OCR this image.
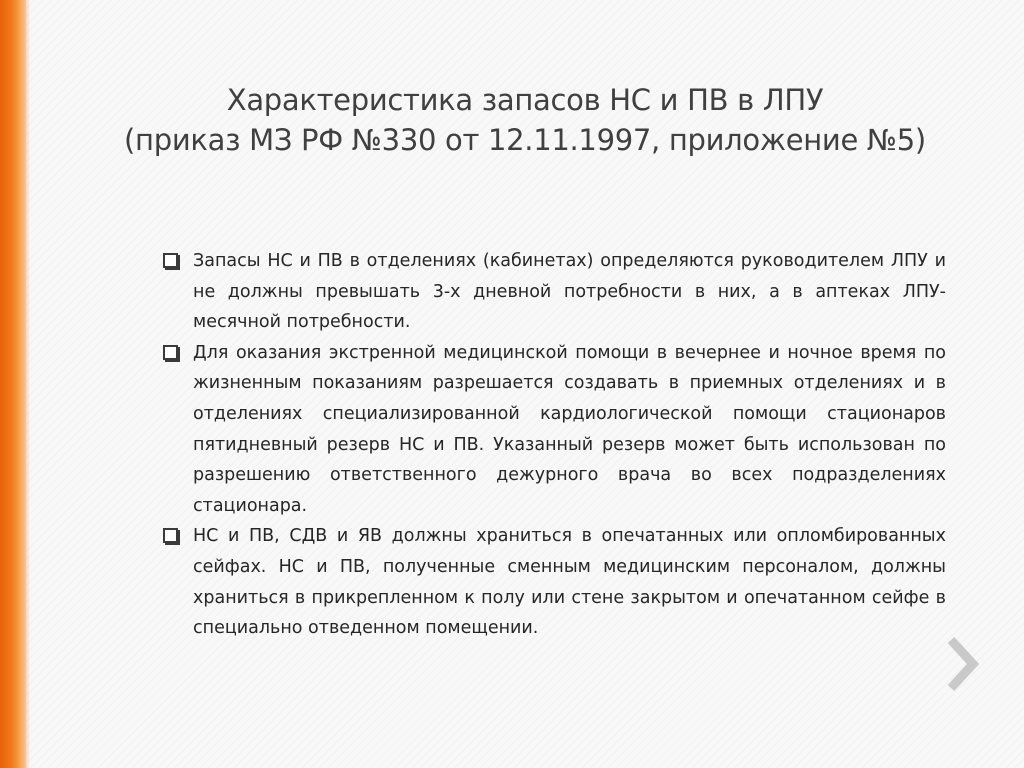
Характеристика запасов НС и ПВ в ЛПУ
(приказ МЗ РФ №330 от 12.11.1997, приложение №5)

Запасы НС и ПВ в отделениях (кабинетах) определяются руководителем ЛПУ и не должны превышать 3-х дневной потребности в них, а в аптеках ЛПУ-месячной потребности.

Для оказания экстренной медицинской помощи в вечернее и ночное время по жизненным показаниям разрешается создавать в приемных отделениях и в отделениях специализированной кардиологической помощи стационаров пятидневный резерв НС и ПВ. Указанный резерв может быть использован по разрешению ответственного дежурного врача во всех подразделениях стационара.

НС и ПВ, СДВ и ЯВ должны храниться в опечатанных или опломбированных сейфах. НС и ПВ, полученные сменным медицинским персоналом, должны храниться в прикрепленном к полу или стене закрытом и опечатанном сейфе в специально отведенном помещении.
